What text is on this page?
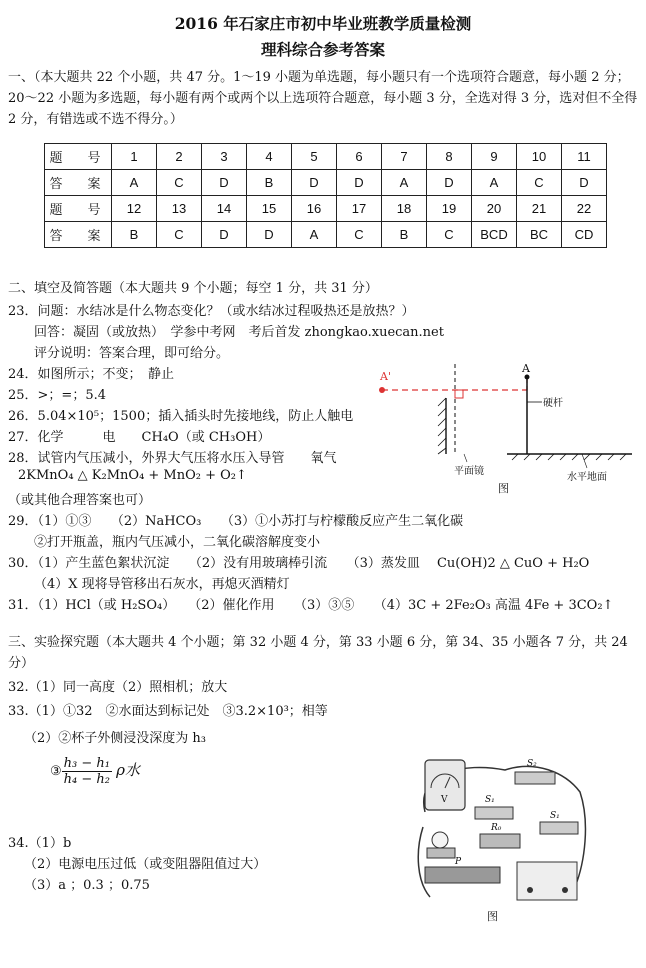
2016 年石家庄市初中毕业班教学质量检测
理科综合参考答案
一、（本大题共 22 个小题，共 47 分。1～19 小题为单选题，每小题只有一个选项符合题意，每小题 2 分；20～22 小题为多选题，每小题有两个或两个以上选项符合题意，每小题 3 分，全选对得 3 分，选对但不全得 2 分，有错选或不选不得分。）
题　号	1	2	3	4	5	6	7	8	9	10	11
答　案	A	C	D	B	D	D	A	D	A	C	D
题　号	12	13	14	15	16	17	18	19	20	21	22
答　案	B	C	D	D	A	C	B	C	BCD	BC	CD
二、填空及简答题（本大题共 9 个小题；每空 1 分，共 31 分）
23．问题：水结冰是什么物态变化？（或水结冰过程吸热还是放热？）
回答：凝固（或放热）　学参中考网　考后首发 zhongkao.xuecan.net
评分说明：答案合理，即可给分。
24．如图所示；不变；　静止
25．>；=；5.4
26．5.04×10⁵；1500；插入插头时先接地线，防止人触电
27．化学　　　电　　CH₄O（或 CH₃OH）
28．试管内气压减小，外界大气压将水压入导管　　氧气
2KMnO₄ △ K₂MnO₄ + MnO₂ + O₂↑
（或其他合理答案也可）
29．（1）①③　　（2）NaHCO₃　　（3）①小苏打与柠檬酸反应产生二氧化碳
②打开瓶盖，瓶内气压减小，二氧化碳溶解度变小
30．（1）产生蓝色絮状沉淀　　（2）没有用玻璃棒引流　　（3）蒸发皿　 Cu(OH)2 △ CuO + H₂O
（4）X 现将导管移出石灰水，再熄灭酒精灯
31．（1）HCl（或 H₂SO₄）　　（2）催化作用　　（3）③⑤　　（4）3C + 2Fe₂O₃ 高温 4Fe + 3CO₂↑
三、实验探究题（本大题共 4 个小题；第 32 小题 4 分，第 33 小题 6 分，第 34、35 小题各 7 分，共 24 分）
32.（1）同一高度（2）照相机；放大
33.（1）①32　②水面达到标记处　③3.2×10³；相等
（2）②杯子外侧浸没深度为 h₃
③ $\frac{\text{h₃ − h₁}}{\text{h₄ − h₂}}$ ρ水
34.（1）b
（2）电源电压过低（或变阻器阻值过大）
（3）a ；0.3 ；0.75
A'
A
硬杆
平面镜
水平地面
图
V
S₂
S₁
S₁
R₀
P
图
